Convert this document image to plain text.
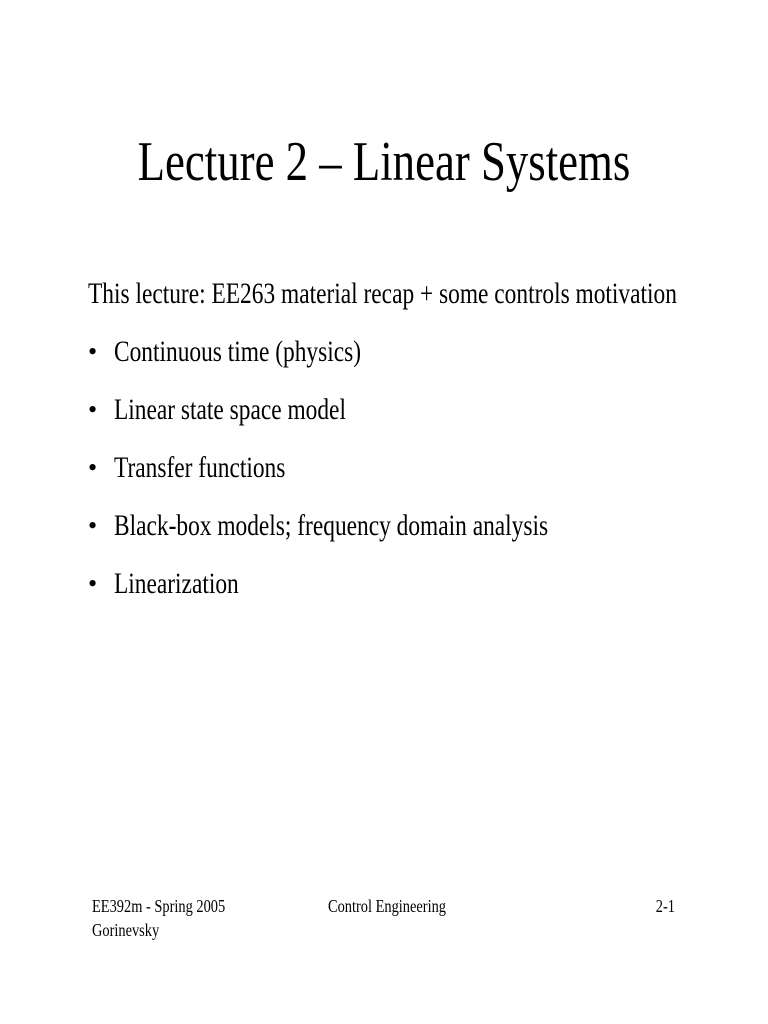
Lecture 2 – Linear Systems
This lecture: EE263 material recap + some controls motivation
• Continuous time (physics)
• Linear state space model
• Transfer functions
• Black-box models; frequency domain analysis
• Linearization
EE392m - Spring 2005
Gorinevsky
Control Engineering	2-1
